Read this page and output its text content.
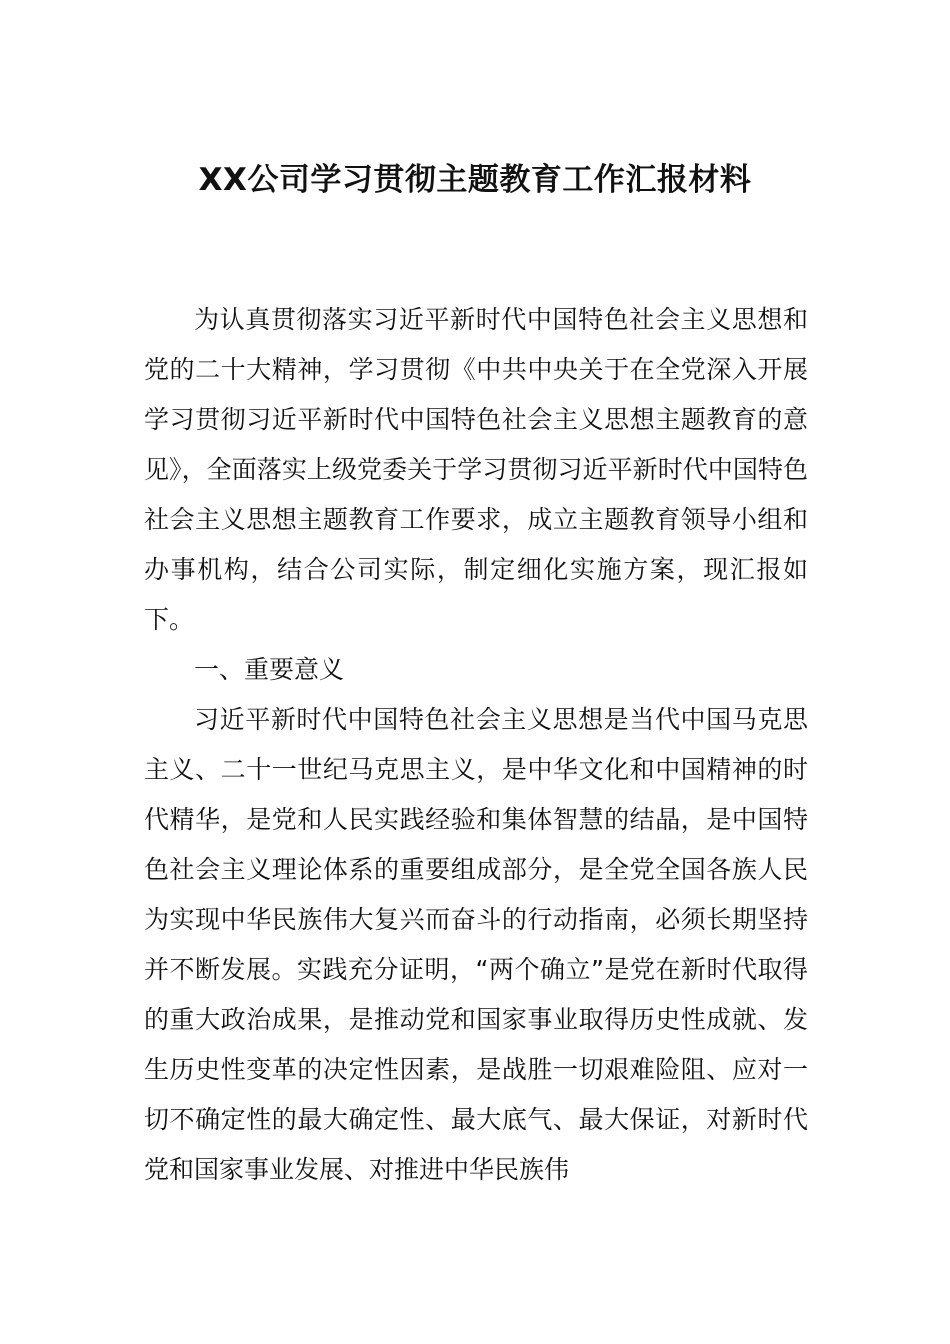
XX公司学习贯彻主题教育工作汇报材料

为认真贯彻落实习近平新时代中国特色社会主义思想和党的二十大精神，学习贯彻《中共中央关于在全党深入开展学习贯彻习近平新时代中国特色社会主义思想主题教育的意见》，全面落实上级党委关于学习贯彻习近平新时代中国特色社会主义思想主题教育工作要求，成立主题教育领导小组和办事机构，结合公司实际，制定细化实施方案，现汇报如下。

一、重要意义

习近平新时代中国特色社会主义思想是当代中国马克思主义、二十一世纪马克思主义，是中华文化和中国精神的时代精华，是党和人民实践经验和集体智慧的结晶，是中国特色社会主义理论体系的重要组成部分，是全党全国各族人民为实现中华民族伟大复兴而奋斗的行动指南，必须长期坚持并不断发展。实践充分证明，“两个确立”是党在新时代取得的重大政治成果，是推动党和国家事业取得历史性成就、发生历史性变革的决定性因素，是战胜一切艰难险阻、应对一切不确定性的最大确定性、最大底气、最大保证，对新时代党和国家事业发展、对推进中华民族伟
